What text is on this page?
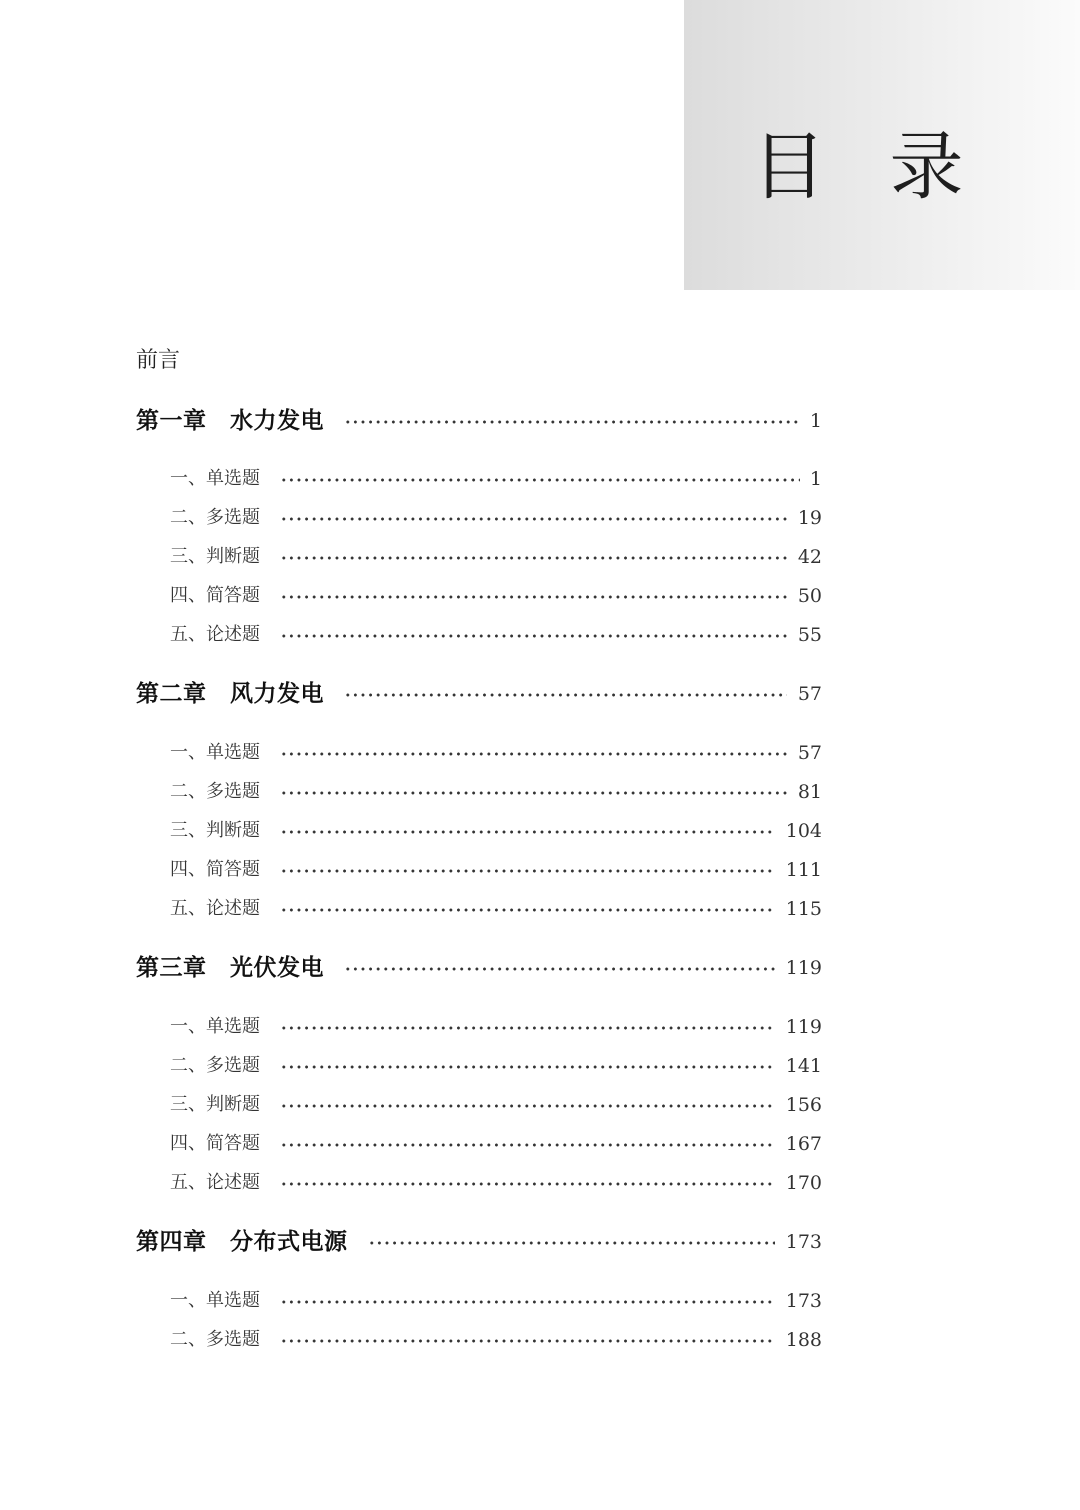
目 录
前言
第一章　水力发电	1
一、单选题	1
二、多选题	19
三、判断题	42
四、简答题	50
五、论述题	55
第二章　风力发电	57
一、单选题	57
二、多选题	81
三、判断题	104
四、简答题	111
五、论述题	115
第三章　光伏发电	119
一、单选题	119
二、多选题	141
三、判断题	156
四、简答题	167
五、论述题	170
第四章　分布式电源	173
一、单选题	173
二、多选题	188
